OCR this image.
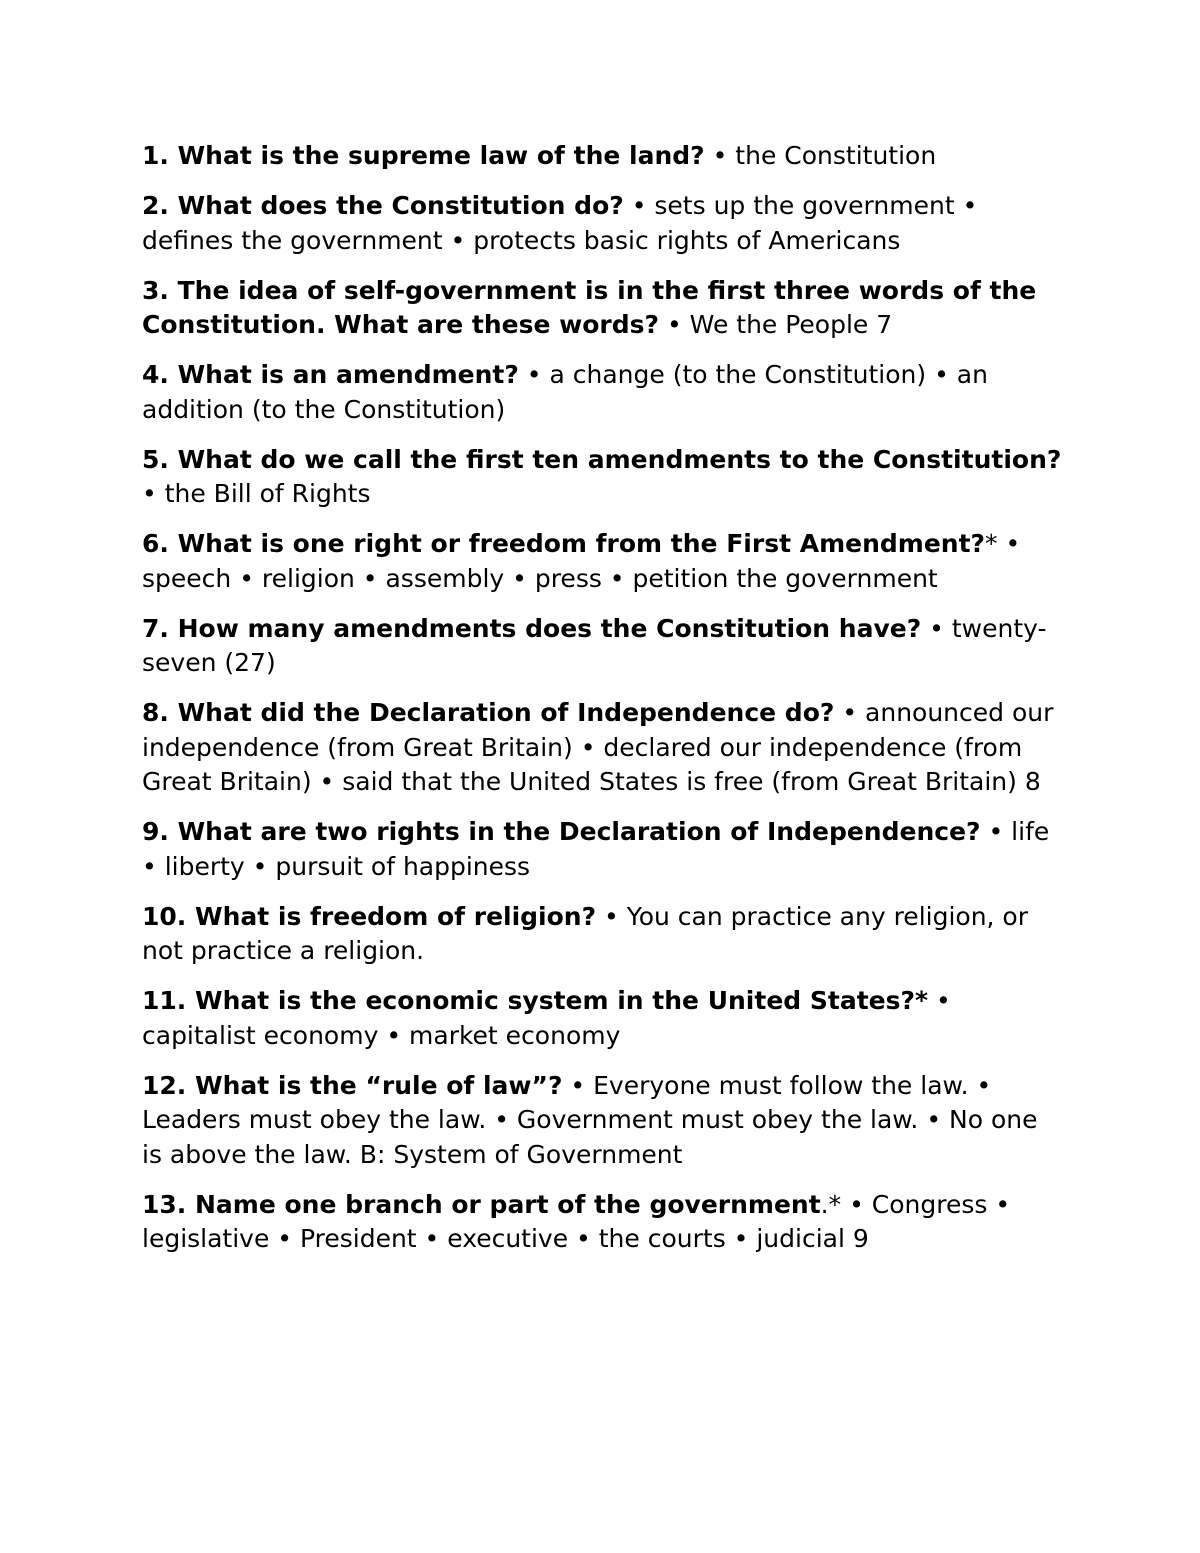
1. What is the supreme law of the land? • the Constitution

2. What does the Constitution do? • sets up the government • defines the government • protects basic rights of Americans

3. The idea of self-government is in the first three words of the Constitution. What are these words? • We the People 7

4. What is an amendment? • a change (to the Constitution) • an addition (to the Constitution)

5. What do we call the first ten amendments to the Constitution? • the Bill of Rights

6. What is one right or freedom from the First Amendment?* • speech • religion • assembly • press • petition the government

7. How many amendments does the Constitution have? • twenty-seven (27)

8. What did the Declaration of Independence do? • announced our independence (from Great Britain) • declared our independence (from Great Britain) • said that the United States is free (from Great Britain) 8

9. What are two rights in the Declaration of Independence? • life • liberty • pursuit of happiness

10. What is freedom of religion? • You can practice any religion, or not practice a religion.

11. What is the economic system in the United States?* • capitalist economy • market economy

12. What is the “rule of law”? • Everyone must follow the law. • Leaders must obey the law. • Government must obey the law. • No one is above the law. B: System of Government

13. Name one branch or part of the government.* • Congress • legislative • President • executive • the courts • judicial 9
